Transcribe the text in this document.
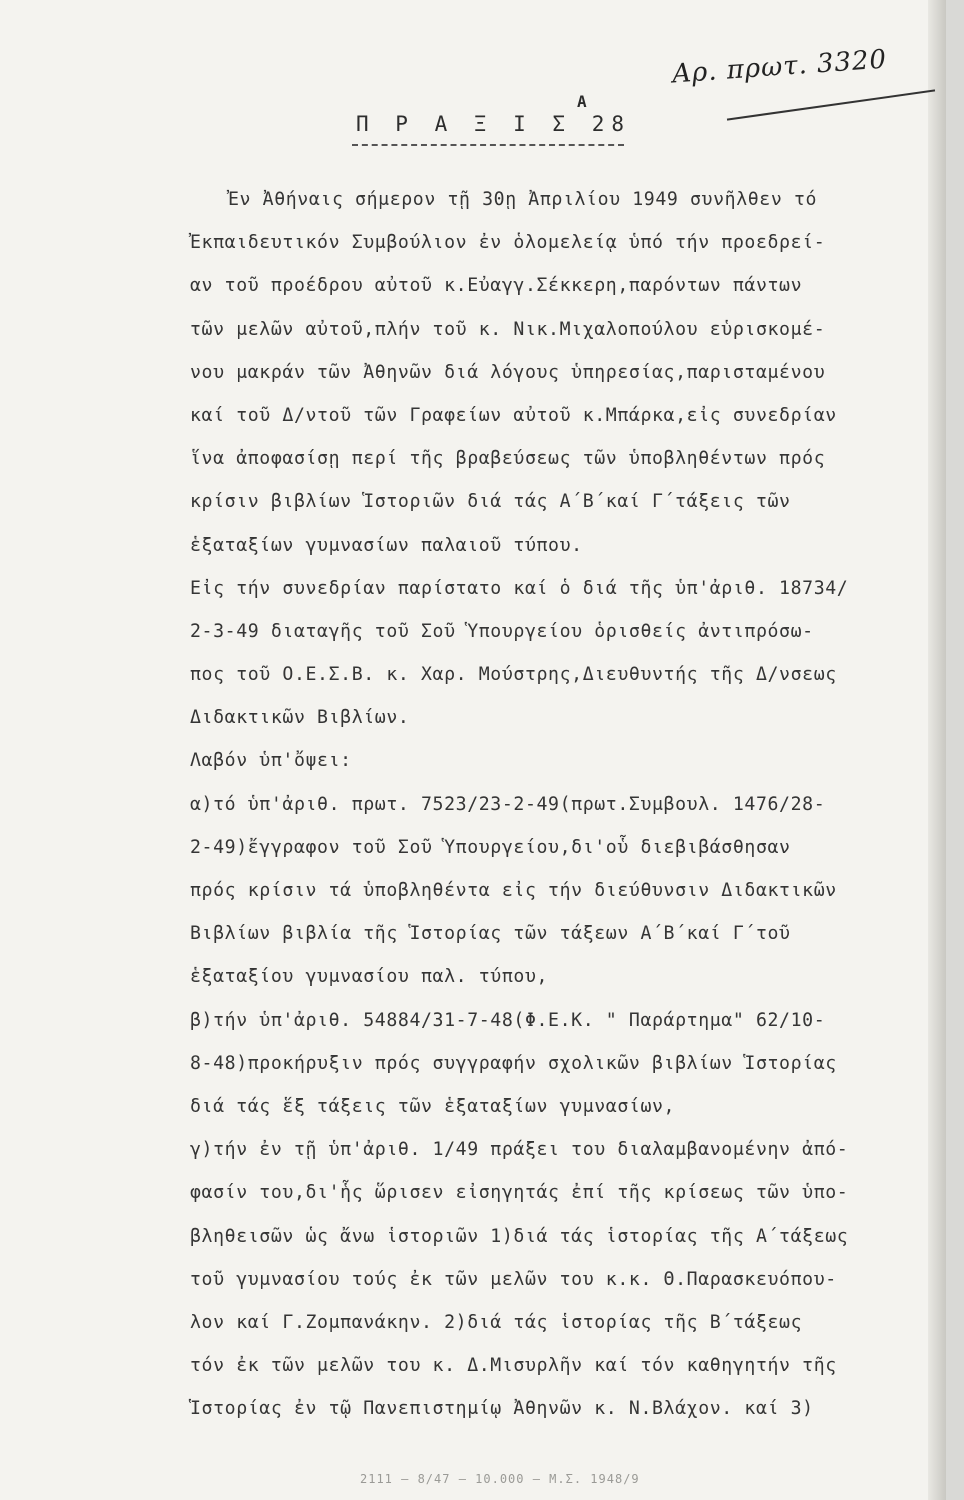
Αρ. πρωτ. 3320
Π Ρ Α Ξ Ι Σ 28
Α
Ἐν Ἀθήναις σήμερον τῇ 30ῃ Ἀπριλίου 1949 συνῆλθεν τό
Ἐκπαιδευτικόν Συμβούλιον ἐν ὁλομελείᾳ ὑπό τήν προεδρεί-
αν τοῦ προέδρου αὐτοῦ κ.Εὐαγγ.Σέκκερη,παρόντων πάντων
τῶν μελῶν αὐτοῦ,πλήν τοῦ κ. Νικ.Μιχαλοπούλου εὑρισκομέ-
νου μακράν τῶν Ἀθηνῶν διά λόγους ὑπηρεσίας,παρισταμένου
καί τοῦ Δ/ντοῦ τῶν Γραφείων αὐτοῦ κ.Μπάρκα,εἰς συνεδρίαν
ἵνα ἀποφασίσῃ περί τῆς βραβεύσεως τῶν ὑποβληθέντων πρός
κρίσιν βιβλίων Ἱστοριῶν διά τάς Α΄Β΄καί Γ΄τάξεις τῶν
ἑξαταξίων γυμνασίων παλαιοῦ τύπου.
Εἰς τήν συνεδρίαν παρίστατο καί ὁ διά τῆς ὑπ'ἀριθ. 18734/
2-3-49 διαταγῆς τοῦ Σοῦ Ὑπουργείου ὁρισθείς ἀντιπρόσω-
πος τοῦ Ο.Ε.Σ.Β. κ. Χαρ. Μούστρης,Διευθυντής τῆς Δ/νσεως
Διδακτικῶν Βιβλίων.
Λαβόν ὑπ'ὄψει:
α)τό ὑπ'ἀριθ. πρωτ. 7523/23-2-49(πρωτ.Συμβουλ. 1476/28-
2-49)ἔγγραφον τοῦ Σοῦ Ὑπουργείου,δι'οὗ διεβιβάσθησαν
πρός κρίσιν τά ὑποβληθέντα εἰς τήν διεύθυνσιν Διδακτικῶν
Βιβλίων βιβλία τῆς Ἱστορίας τῶν τάξεων Α΄Β΄καί Γ΄τοῦ
ἑξαταξίου γυμνασίου παλ. τύπου,
β)τήν ὑπ'ἀριθ. 54884/31-7-48(Φ.Ε.Κ. " Παράρτημα" 62/10-
8-48)προκήρυξιν πρός συγγραφήν σχολικῶν βιβλίων Ἱστορίας
διά τάς ἕξ τάξεις τῶν ἑξαταξίων γυμνασίων,
γ)τήν ἐν τῇ ὑπ'ἀριθ. 1/49 πράξει του διαλαμβανομένην ἀπό-
φασίν του,δι'ἧς ὥρισεν εἰσηγητάς ἐπί τῆς κρίσεως τῶν ὑπο-
βληθεισῶν ὡς ἄνω ἱστοριῶν 1)διά τάς ἱστορίας τῆς Α΄τάξεως
τοῦ γυμνασίου τούς ἐκ τῶν μελῶν του κ.κ. Θ.Παρασκευόπου-
λον καί Γ.Ζομπανάκην. 2)διά τάς ἱστορίας τῆς Β΄τάξεως
τόν ἐκ τῶν μελῶν του κ. Δ.Μισυρλῆν καί τόν καθηγητήν τῆς
Ἱστορίας ἐν τῷ Πανεπιστημίῳ Ἀθηνῶν κ. Ν.Βλάχον. καί 3)
2111 — 8/47 — 10.000 — Μ.Σ. 1948/9
